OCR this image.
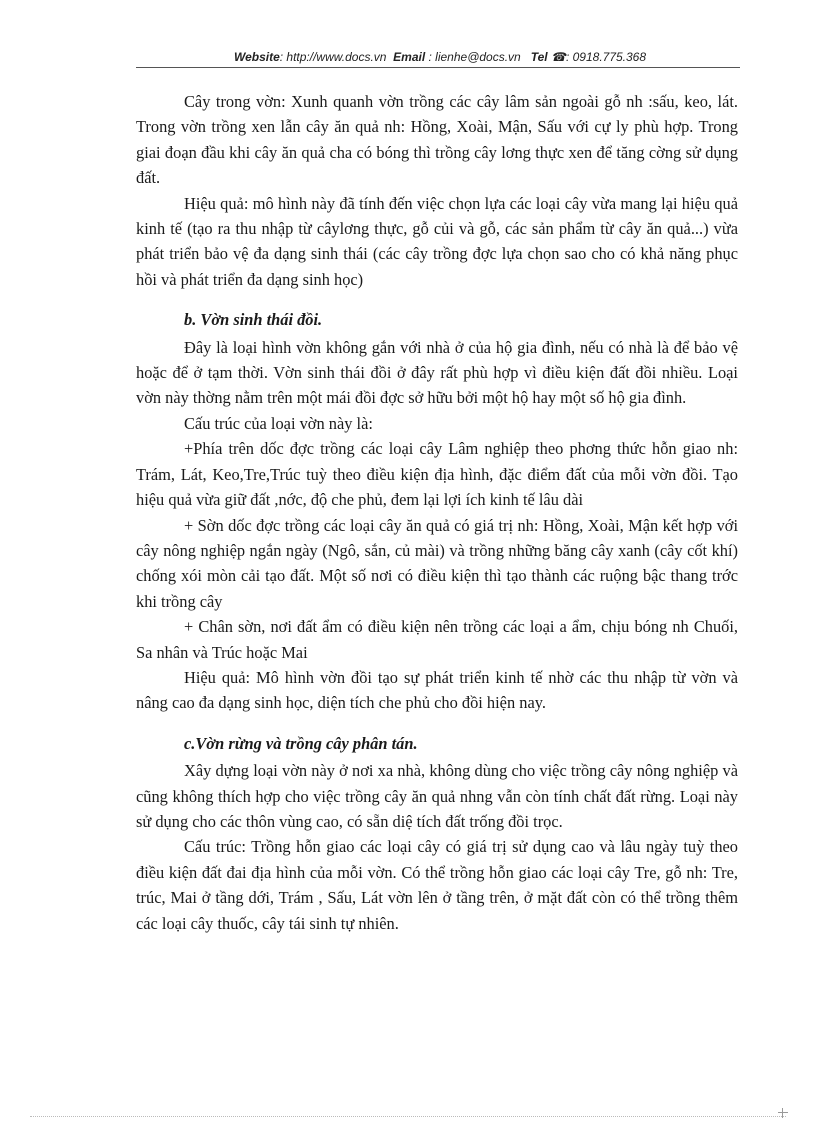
Website: http://www.docs.vn Email : lienhe@docs.vn Tel ☎: 0918.775.368

Cây trong vờn: Xunh quanh vờn trồng các cây lâm sản ngoài gỗ nh :sấu, keo, lát. Trong vờn trồng xen lẫn cây ăn quả nh: Hồng, Xoài, Mận, Sấu với cự ly phù hợp. Trong giai đoạn đầu khi cây ăn quả cha có bóng thì trồng cây lơng thực xen để tăng cờng sử dụng đất.

Hiệu quả: mô hình này đã tính đến việc chọn lựa các loại cây vừa mang lại hiệu quả kinh tế (tạo ra thu nhập từ câylơng thực, gỗ củi và gỗ, các sản phẩm từ cây ăn quả...) vừa phát triển bảo vệ đa dạng sinh thái (các cây trồng đợc lựa chọn sao cho có khả năng phục hồi và phát triển đa dạng sinh học)

b. Vờn sinh thái đồi.

Đây là loại hình vờn không gắn với nhà ở của hộ gia đình, nếu có nhà là để bảo vệ hoặc để ở tạm thời. Vờn sinh thái đồi ở đây rất phù hợp vì điều kiện đất đồi nhiều. Loại vờn này thờng nằm trên một mái đồi đợc sở hữu bởi một hộ hay một số hộ gia đình.

Cấu trúc của loại vờn này là:

+Phía trên dốc đợc trồng các loại cây Lâm nghiệp theo phơng thức hỗn giao nh: Trám, Lát, Keo,Tre,Trúc tuỳ theo điều kiện địa hình, đặc điểm đất của mỗi vờn đồi. Tạo hiệu quả vừa giữ đất ,nớc, độ che phủ, đem lại lợi ích kinh tế lâu dài

+ Sờn dốc đợc trồng các loại cây ăn quả có giá trị nh: Hồng, Xoài, Mận kết hợp với cây nông nghiệp ngắn ngày (Ngô, sắn, củ mài) và trồng những băng cây xanh (cây cốt khí) chống xói mòn cải tạo đất. Một số nơi có điều kiện thì tạo thành các ruộng bậc thang trớc khi trồng cây

+ Chân sờn, nơi đất ẩm có điều kiện nên trồng các loại a ẩm, chịu bóng nh Chuối, Sa nhân và Trúc hoặc Mai

Hiệu quả: Mô hình vờn đồi tạo sự phát triển kinh tế nhờ các thu nhập từ vờn và nâng cao đa dạng sinh học, diện tích che phủ cho đồi hiện nay.

c.Vờn rừng và trồng cây phân tán.

Xây dựng loại vờn này ở nơi xa nhà, không dùng cho việc trồng cây nông nghiệp và cũng không thích hợp cho việc trồng cây ăn quả nhng vẫn còn tính chất đất rừng. Loại này sử dụng cho các thôn vùng cao, có sẵn diệ tích đất trống đồi trọc.

Cấu trúc: Trồng hỗn giao các loại cây có giá trị sử dụng cao và lâu ngày tuỳ theo điều kiện đất đai địa hình của mỗi vờn. Có thể trồng hỗn giao các loại cây Tre, gỗ nh: Tre, trúc, Mai ở tầng dới, Trám , Sấu, Lát vờn lên ở tầng trên, ở mặt đất còn có thể trồng thêm các loại cây thuốc, cây tái sinh tự nhiên.
